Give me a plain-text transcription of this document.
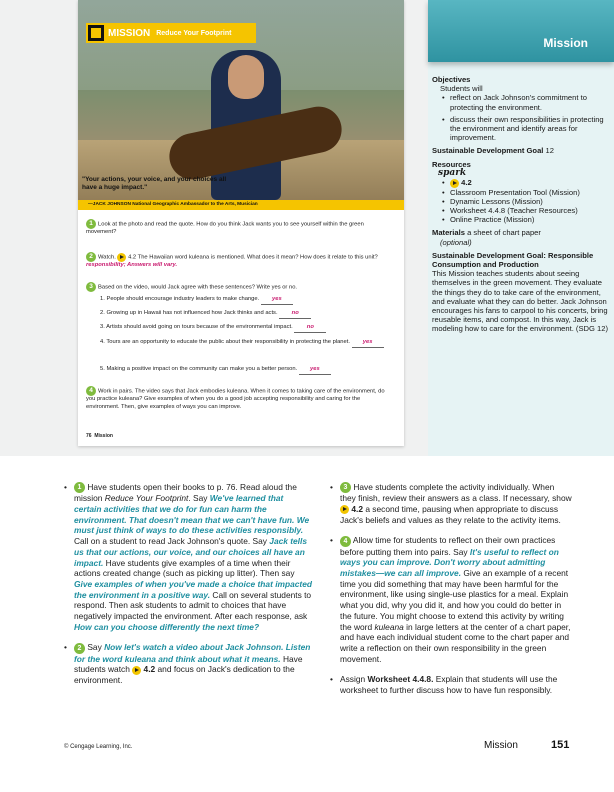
Mission
Objectives
Students will
• reflect on Jack Johnson's commitment to protecting the environment.
• discuss their own responsibilities in protecting the environment and identify areas for improvement.
Sustainable Development Goal 12
Resources
spark
• 4.2
• Classroom Presentation Tool (Mission)
• Dynamic Lessons (Mission)
• Worksheet 4.4.8 (Teacher Resources)
• Online Practice (Mission)
Materials a sheet of chart paper
(optional)
Sustainable Development Goal: Responsible Consumption and Production
This Mission teaches students about seeing themselves in the green movement. They evaluate the things they do to take care of the environment, and evaluate what they can do better. Jack Johnson encourages his fans to carpool to his concerts, bring reusable items, and compost. In this way, Jack is modeling how to care for the environment. (SDG 12)
MISSION Reduce Your Footprint
"Your actions, your voice, and your choices all have a huge impact."
—JACK JOHNSON National Geographic Ambassador to the Arts, Musician
1 Look at the photo and read the quote. How do you think Jack wants you to see yourself within the green movement?
2 Watch. 4.2 The Hawaiian word kuleana is mentioned. What does it mean? How does it relate to this unit? responsibility; Answers will vary.
3 Based on the video, would Jack agree with these sentences? Write yes or no.
1. People should encourage industry leaders to make change. yes
2. Growing up in Hawaii has not influenced how Jack thinks and acts. no
3. Artists should avoid going on tours because of the environmental impact. no
4. Tours are an opportunity to educate the public about their responsibility in protecting the planet. yes
5. Making a positive impact on the community can make you a better person. yes
4 Work in pairs. The video says that Jack embodies kuleana. When it comes to taking care of the environment, do you practice kuleana? Give examples of when you do a good job accepting responsibility and caring for the environment. Then, give examples of ways you can improve.
76 Mission

• 1 Have students open their books to p. 76. Read aloud the mission Reduce Your Footprint. Say We've learned that certain activities that we do for fun can harm the environment. That doesn't mean that we can't have fun. We must just think of ways to do these activities responsibly. Call on a student to read Jack Johnson's quote. Say Jack tells us that our actions, our voice, and our choices all have an impact. Have students give examples of a time when their actions created change (such as picking up litter). Then say Give examples of when you've made a choice that impacted the environment in a positive way. Call on several students to respond. Then ask students to admit to choices that have negatively impacted the environment. After each response, ask How can you choose differently the next time?

• 2 Say Now let's watch a video about Jack Johnson. Listen for the word kuleana and think about what it means. Have students watch 4.2 and focus on Jack's dedication to the environment.

• 3 Have students complete the activity individually. When they finish, review their answers as a class. If necessary, show  4.2 a second time, pausing when appropriate to discuss Jack's beliefs and values as they relate to the activity items.

• 4 Allow time for students to reflect on their own practices before putting them into pairs. Say It's useful to reflect on ways you can improve. Don't worry about admitting mistakes—we can all improve. Give an example of a recent time you did something that may have been harmful for the environment, like using single-use plastics for a meal. Explain what you did, why you did it, and how you could do better in the future. You might choose to extend this activity by writing the word kuleana in large letters at the center of a chart paper, and have each individual student come to the chart paper and write a reflection on their own responsibility in the green movement.

• Assign Worksheet 4.4.8. Explain that students will use the worksheet to further discuss how to have fun responsibly.

© Cengage Learning, Inc.	Mission	151
